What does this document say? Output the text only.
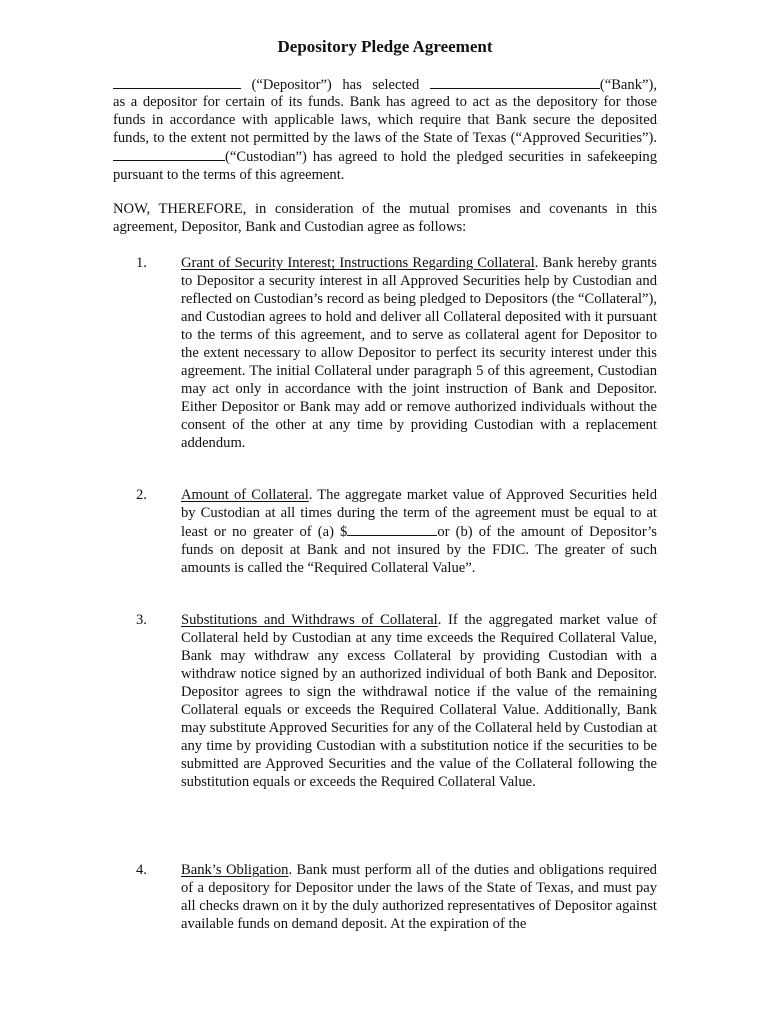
Depository Pledge Agreement
(“Depositor”) has selected	(“Bank”),
as a depositor for certain of its funds. Bank has agreed to act as the depository for those funds in accordance with applicable laws, which require that Bank secure the deposited funds, to the extent not permitted by the laws of the State of Texas (“Approved Securities”).(“Custodian”) has agreed to hold the pledged securities in safekeeping pursuant to the terms of this agreement.
NOW, THEREFORE, in consideration of the mutual promises and covenants in this agreement, Depositor, Bank and Custodian agree as follows:
1.	Grant of Security Interest; Instructions Regarding Collateral. Bank hereby grants to Depositor a security interest in all Approved Securities help by Custodian and reflected on Custodian’s record as being pledged to Depositors (the “Collateral”), and Custodian agrees to hold and deliver all Collateral deposited with it pursuant to the terms of this agreement, and to serve as collateral agent for Depositor to the extent necessary to allow Depositor to perfect its security interest under this agreement. The initial Collateral under paragraph 5 of this agreement, Custodian may act only in accordance with the joint instruction of Bank and Depositor. Either Depositor or Bank may add or remove authorized individuals without the consent of the other at any time by providing Custodian with a replacement addendum.
2.	Amount of Collateral. The aggregate market value of Approved Securities held by Custodian at all times during the term of the agreement must be equal to at least or no greater of (a) $	or (b) of the amount of Depositor’s funds on deposit at Bank and not insured by the FDIC. The greater of such amounts is called the “Required Collateral Value”.
3.	Substitutions and Withdraws of Collateral. If the aggregated market value of Collateral held by Custodian at any time exceeds the Required Collateral Value, Bank may withdraw any excess Collateral by providing Custodian with a withdraw notice signed by an authorized individual of both Bank and Depositor. Depositor agrees to sign the withdrawal notice if the value of the remaining Collateral equals or exceeds the Required Collateral Value. Additionally, Bank may substitute Approved Securities for any of the Collateral held by Custodian at any time by providing Custodian with a substitution notice if the securities to be submitted are Approved Securities and the value of the Collateral following the substitution equals or exceeds the Required Collateral Value.
4.	Bank’s Obligation. Bank must perform all of the duties and obligations required of a depository for Depositor under the laws of the State of Texas, and must pay all checks drawn on it by the duly authorized representatives of Depositor against available funds on demand deposit. At the expiration of the
